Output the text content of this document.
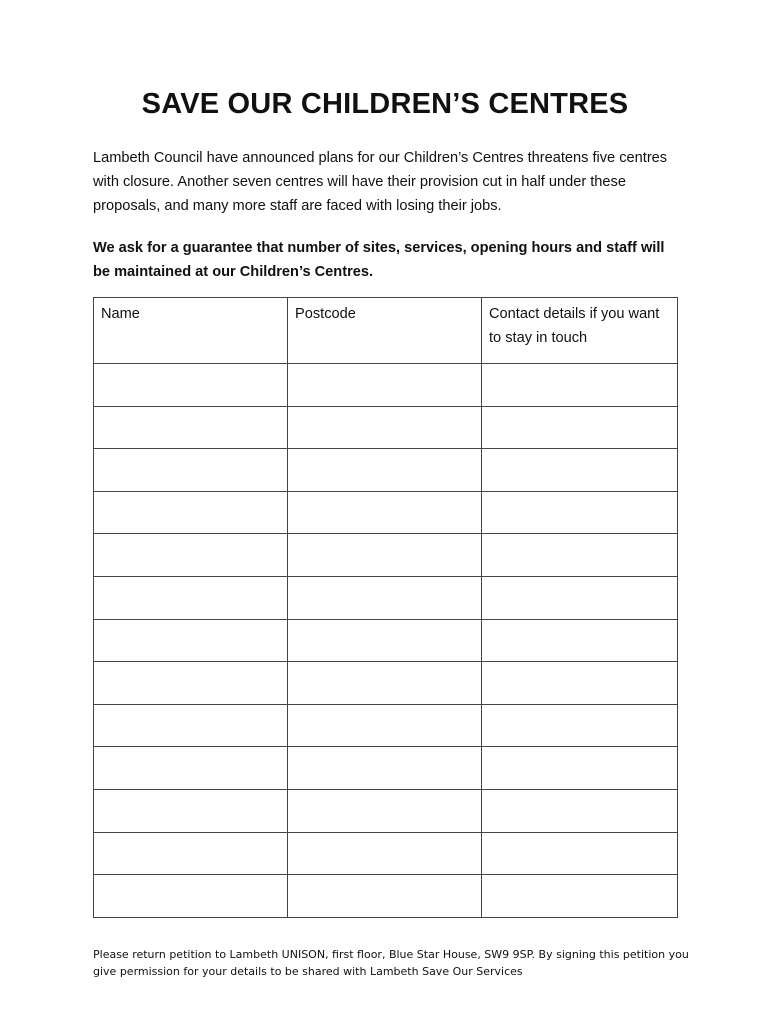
SAVE OUR CHILDREN’S CENTRES

Lambeth Council have announced plans for our Children’s Centres threatens five centres with closure. Another seven centres will have their provision cut in half under these proposals, and many more staff are faced with losing their jobs.

We ask for a guarantee that number of sites, services, opening hours and staff will be maintained at our Children’s Centres.

Name	Postcode	Contact details if you want to stay in touch

Please return petition to Lambeth UNISON, first floor, Blue Star House, SW9 9SP. By signing this petition you give permission for your details to be shared with Lambeth Save Our Services
